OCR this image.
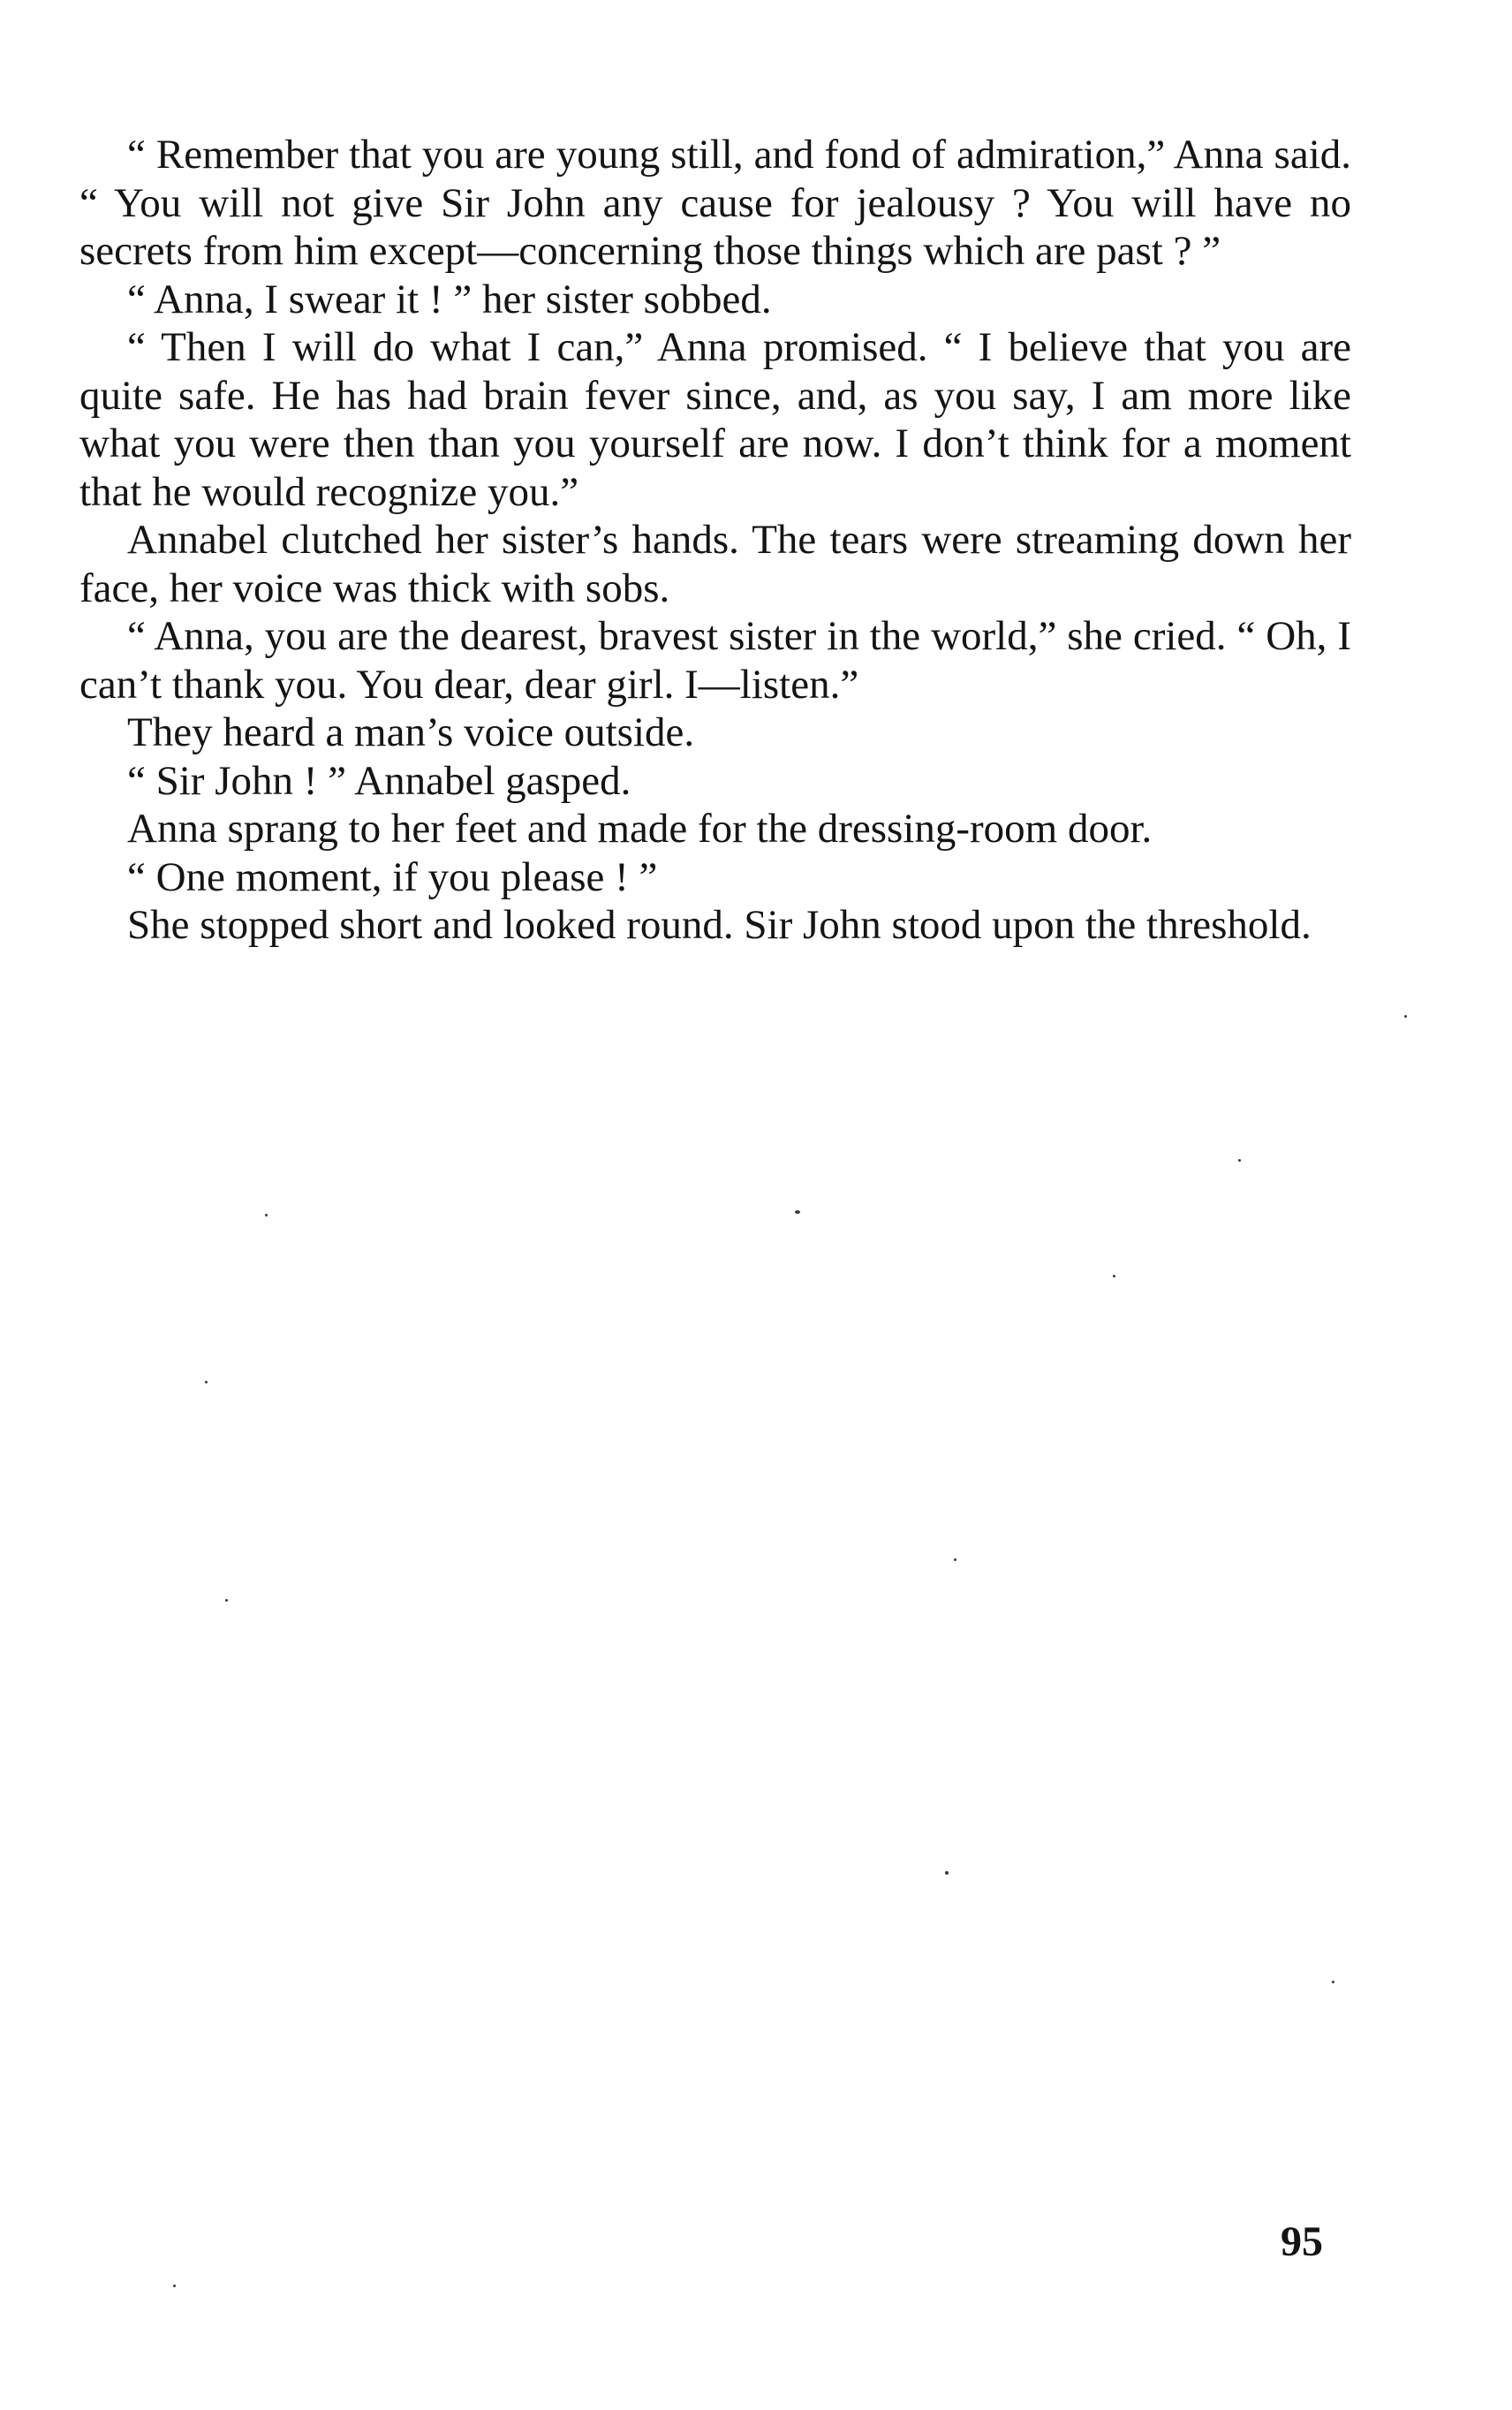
“ Remember that you are young still, and fond of admiration,” Anna said. “ You will not give Sir John any cause for jealousy ? You will have no secrets from him except—concerning those things which are past ? ”

“ Anna, I swear it ! ” her sister sobbed.

“ Then I will do what I can,” Anna promised. “ I believe that you are quite safe. He has had brain fever since, and, as you say, I am more like what you were then than you yourself are now. I don’t think for a moment that he would recognize you.”

Annabel clutched her sister’s hands. The tears were streaming down her face, her voice was thick with sobs.

“ Anna, you are the dearest, bravest sister in the world,” she cried. “ Oh, I can’t thank you. You dear, dear girl. I—listen.”

They heard a man’s voice outside.

“ Sir John ! ” Annabel gasped.

Anna sprang to her feet and made for the dressing-room door.

“ One moment, if you please ! ”

She stopped short and looked round. Sir John stood upon the threshold.

95
